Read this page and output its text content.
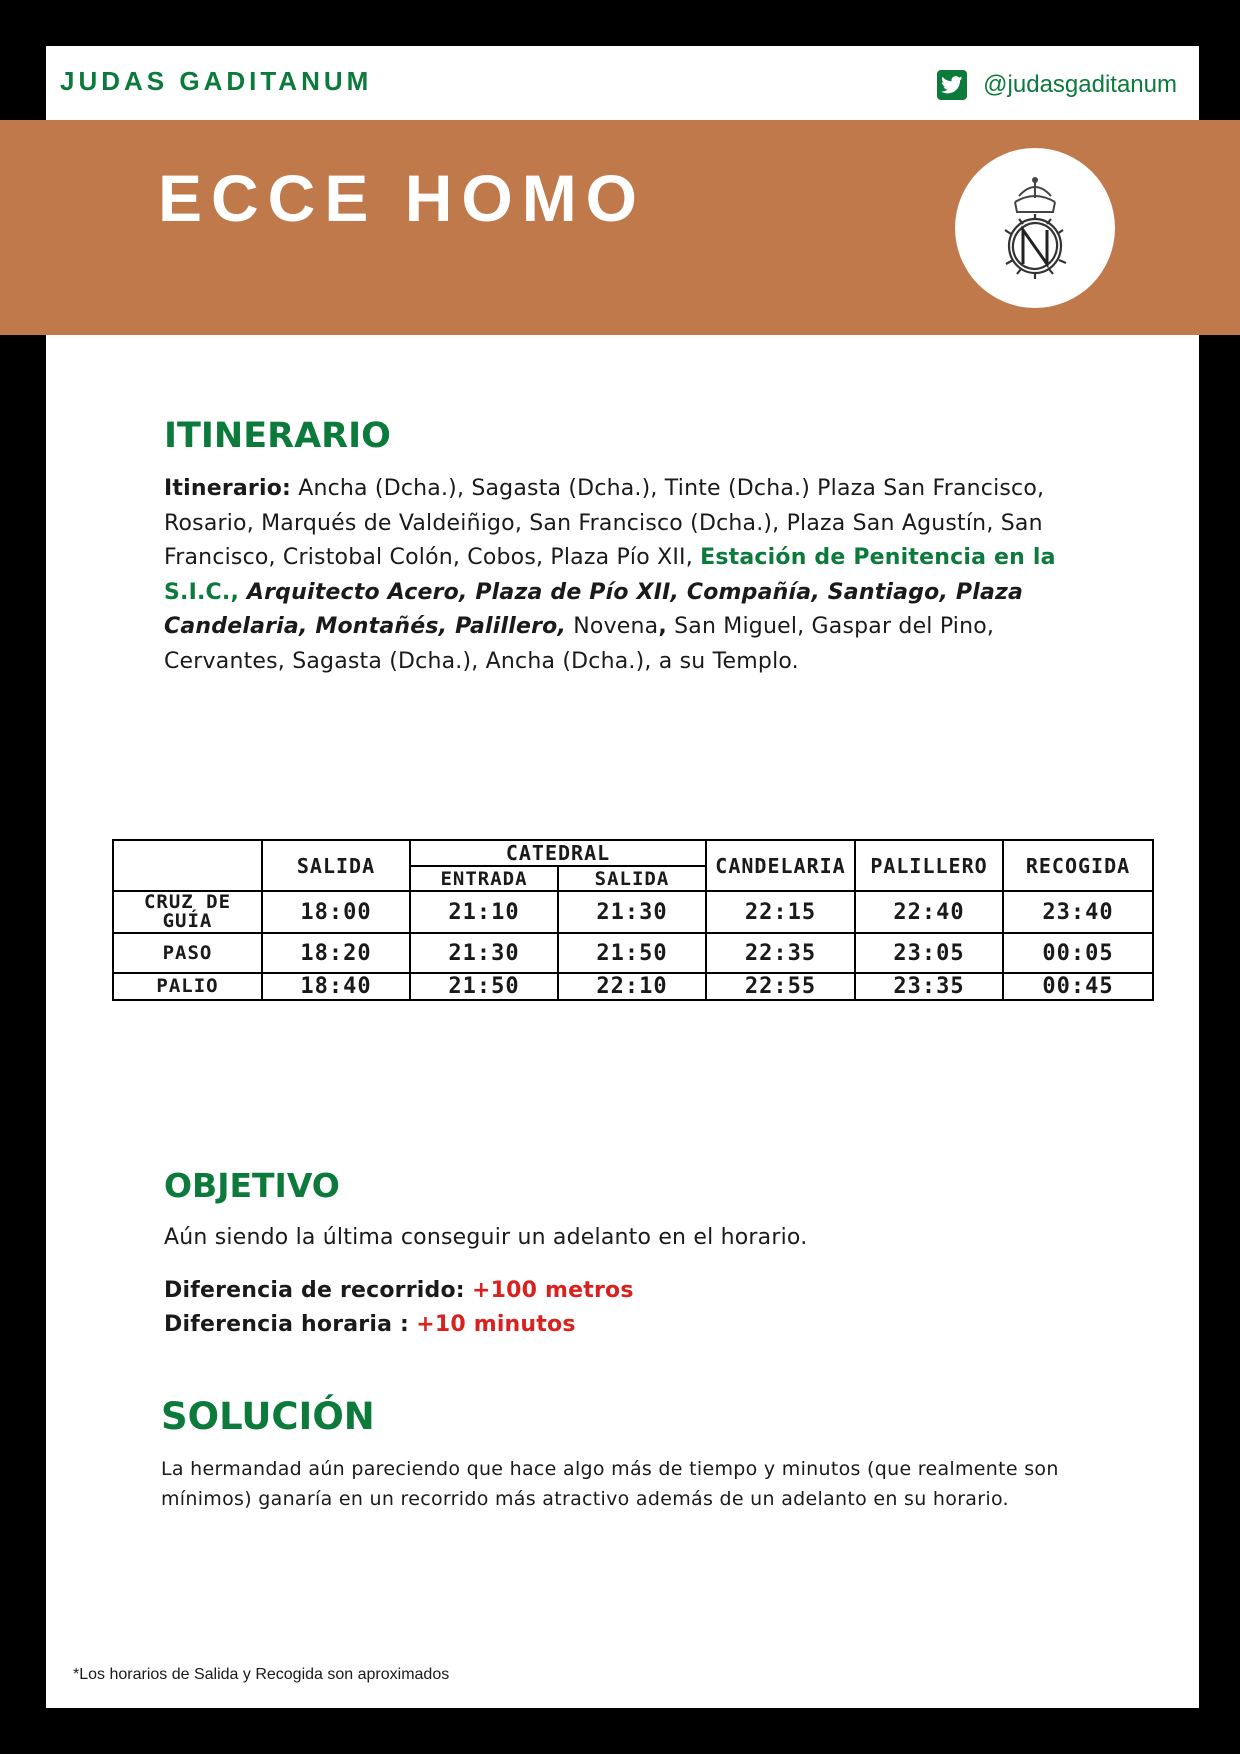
JUDAS GADITANUM	@judasgaditanum
ECCE HOMO
ITINERARIO

Itinerario: Ancha (Dcha.), Sagasta (Dcha.), Tinte (Dcha.) Plaza San Francisco, Rosario, Marqués de Valdeiñigo, San Francisco (Dcha.), Plaza San Agustín, San Francisco, Cristobal Colón, Cobos, Plaza Pío XII, Estación de Penitencia en la S.I.C., Arquitecto Acero, Plaza de Pío XII, Compañía, Santiago, Plaza Candelaria, Montañés, Palillero, Novena, San Miguel, Gaspar del Pino, Cervantes, Sagasta (Dcha.), Ancha (Dcha.), a su Templo.

	SALIDA	CATEDRAL		CANDELARIA	PALILLERO	RECOGIDA
		ENTRADA	SALIDA			
CRUZ DE GUÍA	18:00	21:10	21:30	22:15	22:40	23:40
PASO	18:20	21:30	21:50	22:35	23:05	00:05
PALIO	18:40	21:50	22:10	22:55	23:35	00:45
OBJETIVO

Aún siendo la última conseguir un adelanto en el horario.

Diferencia de recorrido: +100 metros
Diferencia horaria : +10 minutos

SOLUCIÓN

La hermandad aún pareciendo que hace algo más de tiempo y minutos (que realmente son mínimos) ganaría en un recorrido más atractivo además de un adelanto en su horario.

*Los horarios de Salida y Recogida son aproximados
